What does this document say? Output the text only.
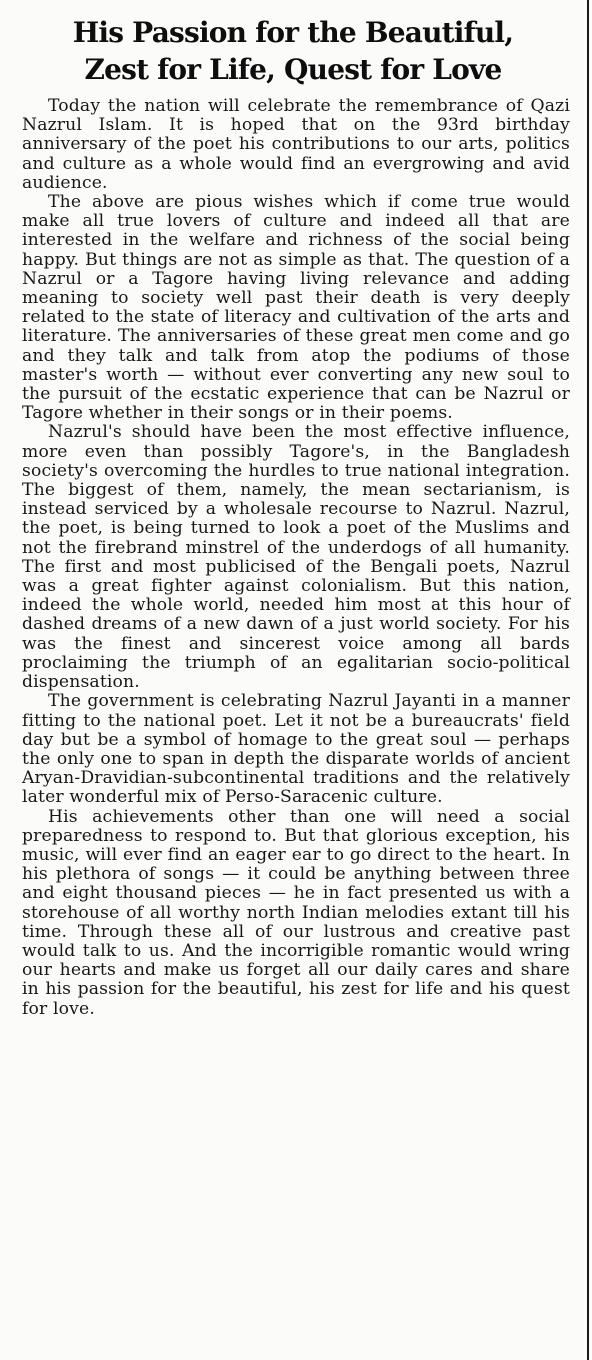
His Passion for the Beautiful,
Zest for Life, Quest for Love

Today the nation will celebrate the remembrance of Qazi Nazrul Islam. It is hoped that on the 93rd birthday anniversary of the poet his contributions to our arts, politics and culture as a whole would find an evergrowing and avid audience.

The above are pious wishes which if come true would make all true lovers of culture and indeed all that are interested in the welfare and richness of the social being happy. But things are not as simple as that. The question of a Nazrul or a Tagore having living relevance and adding meaning to society well past their death is very deeply related to the state of literacy and cultivation of the arts and literature. The anniversaries of these great men come and go and they talk and talk from atop the podiums of those master's worth — without ever converting any new soul to the pursuit of the ecstatic experience that can be Nazrul or Tagore whether in their songs or in their poems.

Nazrul's should have been the most effective influence, more even than possibly Tagore's, in the Bangladesh society's overcoming the hurdles to true national integration. The biggest of them, namely, the mean sectarianism, is instead serviced by a wholesale recourse to Nazrul. Nazrul, the poet, is being turned to look a poet of the Muslims and not the firebrand minstrel of the underdogs of all humanity. The first and most publicised of the Bengali poets, Nazrul was a great fighter against colonialism. But this nation, indeed the whole world, needed him most at this hour of dashed dreams of a new dawn of a just world society. For his was the finest and sincerest voice among all bards proclaiming the triumph of an egalitarian socio-political dispensation.

The government is celebrating Nazrul Jayanti in a manner fitting to the national poet. Let it not be a bureaucrats' field day but be a symbol of homage to the great soul — perhaps the only one to span in depth the disparate worlds of ancient Aryan-Dravidian-subcontinental traditions and the relatively later wonderful mix of Perso-Saracenic culture.

His achievements other than one will need a social preparedness to respond to. But that glorious exception, his music, will ever find an eager ear to go direct to the heart. In his plethora of songs — it could be anything between three and eight thousand pieces — he in fact presented us with a storehouse of all worthy north Indian melodies extant till his time. Through these all of our lustrous and creative past would talk to us. And the incorrigible romantic would wring our hearts and make us forget all our daily cares and share in his passion for the beautiful, his zest for life and his quest for love.
